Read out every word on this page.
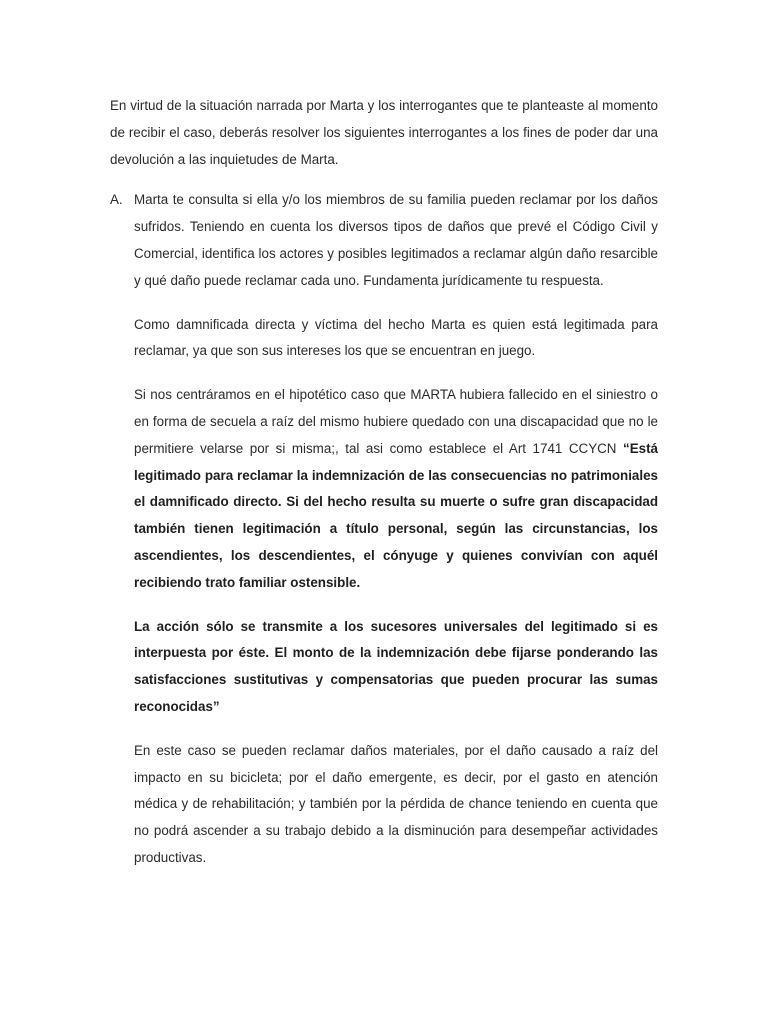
En virtud de la situación narrada por Marta y los interrogantes que te planteaste al momento de recibir el caso, deberás resolver los siguientes interrogantes a los fines de poder dar una devolución a las inquietudes de Marta.

A. Marta te consulta si ella y/o los miembros de su familia pueden reclamar por los daños sufridos. Teniendo en cuenta los diversos tipos de daños que prevé el Código Civil y Comercial, identifica los actores y posibles legitimados a reclamar algún daño resarcible y qué daño puede reclamar cada uno. Fundamenta jurídicamente tu respuesta.

Como damnificada directa y víctima del hecho Marta es quien está legitimada para reclamar, ya que son sus intereses los que se encuentran en juego.

Si nos centráramos en el hipotético caso que MARTA hubiera fallecido en el siniestro o en forma de secuela a raíz del mismo hubiere quedado con una discapacidad que no le permitiere velarse por si misma;, tal asi como establece el Art 1741 CCYCN “Está legitimado para reclamar la indemnización de las consecuencias no patrimoniales el damnificado directo. Si del hecho resulta su muerte o sufre gran discapacidad también tienen legitimación a título personal, según las circunstancias, los ascendientes, los descendientes, el cónyuge y quienes convivían con aquél recibiendo trato familiar ostensible.

La acción sólo se transmite a los sucesores universales del legitimado si es interpuesta por éste. El monto de la indemnización debe fijarse ponderando las satisfacciones sustitutivas y compensatorias que pueden procurar las sumas reconocidas”

En este caso se pueden reclamar daños materiales, por el daño causado a raíz del impacto en su bicicleta; por el daño emergente, es decir, por el gasto en atención médica y de rehabilitación; y también por la pérdida de chance teniendo en cuenta que no podrá ascender a su trabajo debido a la disminución para desempeñar actividades productivas.
